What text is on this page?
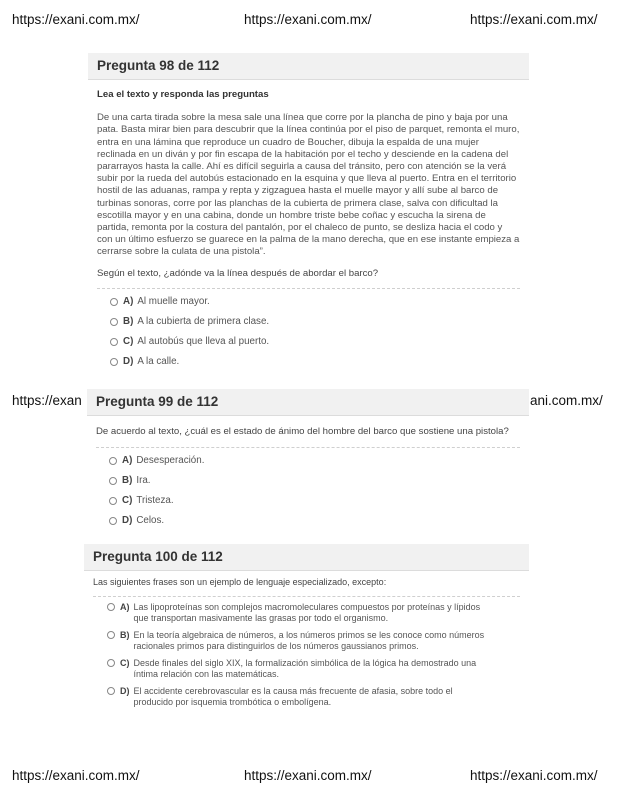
https://exani.com.mx/	https://exani.com.mx/	https://exani.com.mx/
https://exan	ani.com.mx/
https://exani.com.mx/	https://exani.com.mx/	https://exani.com.mx/
Pregunta 98 de 112
Lea el texto y responda las preguntas

De una carta tirada sobre la mesa sale una línea que corre por la plancha de pino y baja por una pata. Basta mirar bien para descubrir que la línea continúa por el piso de parquet, remonta el muro, entra en una lámina que reproduce un cuadro de Boucher, dibuja la espalda de una mujer reclinada en un diván y por fin escapa de la habitación por el techo y desciende en la cadena del pararrayos hasta la calle. Ahí es difícil seguirla a causa del tránsito, pero con atención se la verá subir por la rueda del autobús estacionado en la esquina y que lleva al puerto. Entra en el territorio hostil de las aduanas, rampa y repta y zigzaguea hasta el muelle mayor y allí sube al barco de turbinas sonoras, corre por las planchas de la cubierta de primera clase, salva con dificultad la escotilla mayor y en una cabina, donde un hombre triste bebe coñac y escucha la sirena de partida, remonta por la costura del pantalón, por el chaleco de punto, se desliza hacia el codo y con un último esfuerzo se guarece en la palma de la mano derecha, que en ese instante empieza a cerrarse sobre la culata de una pistola”.

Según el texto, ¿adónde va la línea después de abordar el barco?
A) Al muelle mayor.
B) A la cubierta de primera clase.
C) Al autobús que lleva al puerto.
D) A la calle.
Pregunta 99 de 112
De acuerdo al texto, ¿cuál es el estado de ánimo del hombre del barco que sostiene una pistola?
A) Desesperación.
B) Ira.
C) Tristeza.
D) Celos.
Pregunta 100 de 112
Las siguientes frases son un ejemplo de lenguaje especializado, excepto:
A) Las lipoproteínas son complejos macromoleculares compuestos por proteínas y lípidos que transportan masivamente las grasas por todo el organismo.
B) En la teoría algebraica de números, a los números primos se les conoce como números racionales primos para distinguirlos de los números gaussianos primos.
C) Desde finales del siglo XIX, la formalización simbólica de la lógica ha demostrado una íntima relación con las matemáticas.
D) El accidente cerebrovascular es la causa más frecuente de afasia, sobre todo el producido por isquemia trombótica o embolígena.
